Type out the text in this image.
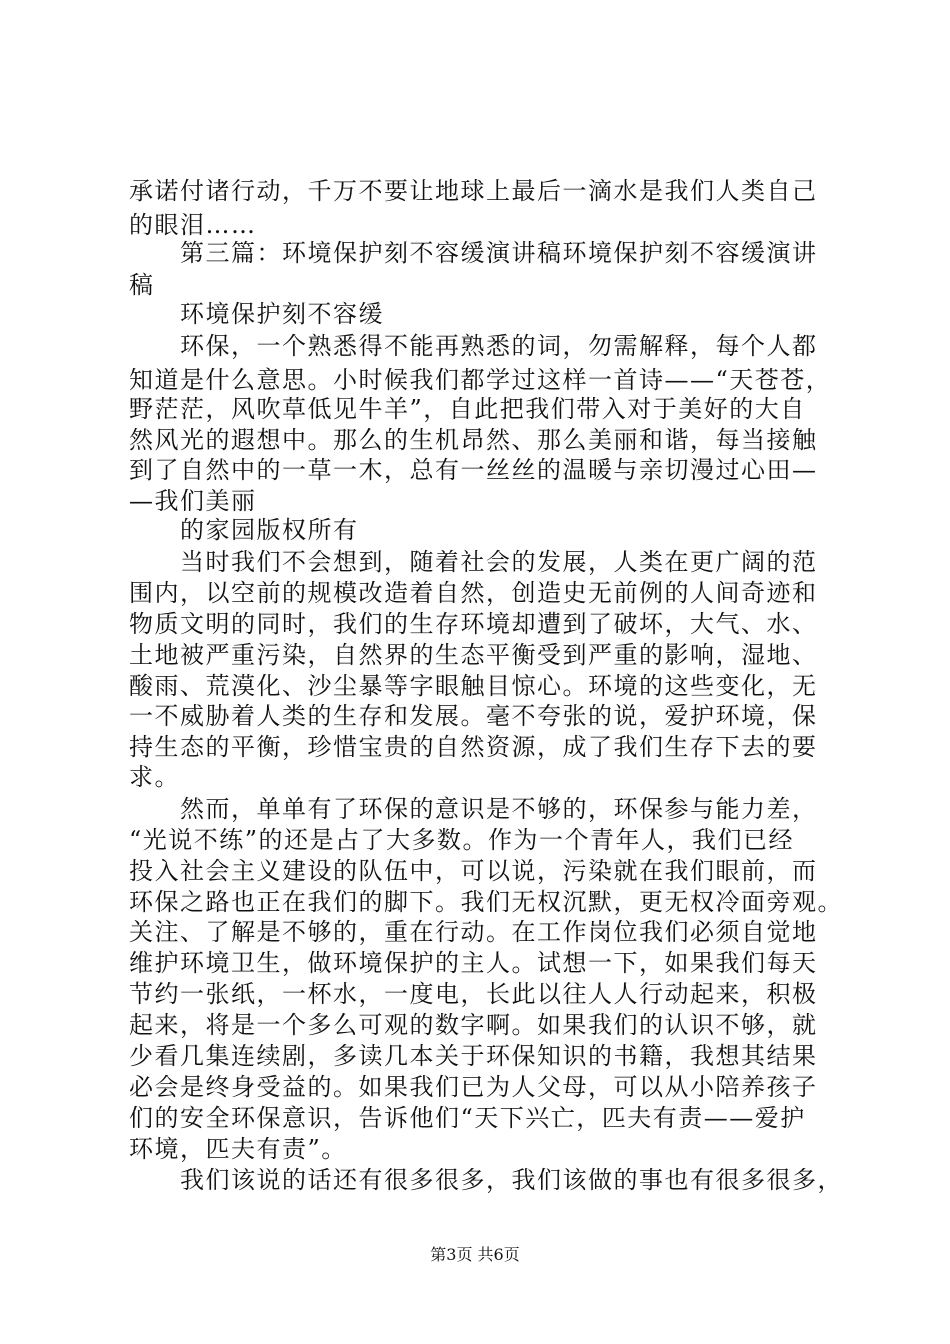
承诺付诸行动，千万不要让地球上最后一滴水是我们人类自己
的眼泪……
　　第三篇：环境保护刻不容缓演讲稿环境保护刻不容缓演讲
稿
　　环境保护刻不容缓
　　环保，一个熟悉得不能再熟悉的词，勿需解释，每个人都
知道是什么意思。小时候我们都学过这样一首诗——“天苍苍，
野茫茫，风吹草低见牛羊”，自此把我们带入对于美好的大自
然风光的遐想中。那么的生机昂然、那么美丽和谐，每当接触
到了自然中的一草一木，总有一丝丝的温暖与亲切漫过心田—
—我们美丽
　　的家园版权所有
　　当时我们不会想到，随着社会的发展，人类在更广阔的范
围内，以空前的规模改造着自然，创造史无前例的人间奇迹和
物质文明的同时，我们的生存环境却遭到了破坏，大气、水、
土地被严重污染，自然界的生态平衡受到严重的影响，湿地、
酸雨、荒漠化、沙尘暴等字眼触目惊心。环境的这些变化，无
一不威胁着人类的生存和发展。毫不夸张的说，爱护环境，保
持生态的平衡，珍惜宝贵的自然资源，成了我们生存下去的要
求。
　　然而，单单有了环保的意识是不够的，环保参与能力差，
“光说不练”的还是占了大多数。作为一个青年人，我们已经
投入社会主义建设的队伍中，可以说，污染就在我们眼前，而
环保之路也正在我们的脚下。我们无权沉默，更无权冷面旁观。
关注、了解是不够的，重在行动。在工作岗位我们必须自觉地
维护环境卫生，做环境保护的主人。试想一下，如果我们每天
节约一张纸，一杯水，一度电，长此以往人人行动起来，积极
起来，将是一个多么可观的数字啊。如果我们的认识不够，就
少看几集连续剧，多读几本关于环保知识的书籍，我想其结果
必会是终身受益的。如果我们已为人父母，可以从小陪养孩子
们的安全环保意识，告诉他们“天下兴亡，匹夫有责——爱护
环境，匹夫有责”。
　　我们该说的话还有很多很多，我们该做的事也有很多很多，
第3页 共6页
